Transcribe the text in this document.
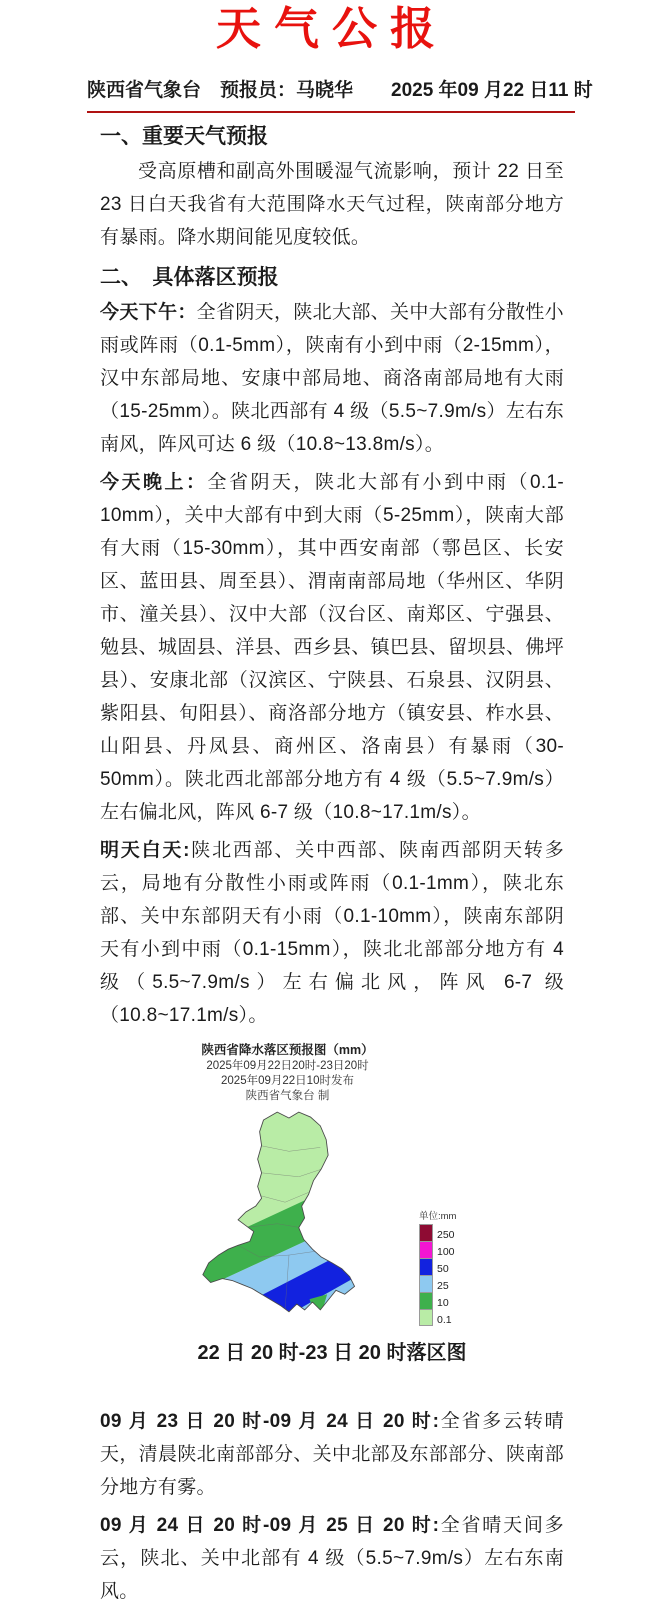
天气公报
陕西省气象台　预报员：马晓华　　2025 年09 月22 日11 时
一、重要天气预报

受高原槽和副高外围暖湿气流影响，预计 22 日至 23 日白天我省有大范围降水天气过程，陕南部分地方有暴雨。降水期间能见度较低。

二、　具体落区预报

今天下午：全省阴天，陕北大部、关中大部有分散性小雨或阵雨（0.1-5mm），陕南有小到中雨（2-15mm），汉中东部局地、安康中部局地、商洛南部局地有大雨（15-25mm）。陕北西部有 4 级（5.5~7.9m/s）左右东南风，阵风可达 6 级（10.8~13.8m/s）。

今天晚上：全省阴天，陕北大部有小到中雨（0.1-10mm），关中大部有中到大雨（5-25mm），陕南大部有大雨（15-30mm），其中西安南部（鄠邑区、长安区、蓝田县、周至县）、渭南南部局地（华州区、华阴市、潼关县）、汉中大部（汉台区、南郑区、宁强县、勉县、城固县、洋县、西乡县、镇巴县、留坝县、佛坪县）、安康北部（汉滨区、宁陕县、石泉县、汉阴县、紫阳县、旬阳县）、商洛部分地方（镇安县、柞水县、山阳县、丹凤县、商州区、洛南县）有暴雨（30-50mm）。陕北西北部部分地方有 4 级（5.5~7.9m/s）左右偏北风，阵风 6-7 级（10.8~17.1m/s）。

明天白天:陕北西部、关中西部、陕南西部阴天转多云，局地有分散性小雨或阵雨（0.1-1mm），陕北东部、关中东部阴天有小雨（0.1-10mm），陕南东部阴天有小到中雨（0.1-15mm），陕北北部部分地方有 4 级（5.5~7.9m/s）左右偏北风，阵风 6-7 级（10.8~17.1m/s）。

陕西省降水落区预报图（mm）
2025年09月22日20时-23日20时
2025年09月22日10时发布
陕西省气象台 制
单位:mm
250
100
50
25
10
0.1
22 日 20 时-23 日 20 时落区图

09 月 23 日 20 时-09 月 24 日 20 时:全省多云转晴天，清晨陕北南部部分、关中北部及东部部分、陕南部分地方有雾。

09 月 24 日 20 时-09 月 25 日 20 时:全省晴天间多云，陕北、关中北部有 4 级（5.5~7.9m/s）左右东南风。
